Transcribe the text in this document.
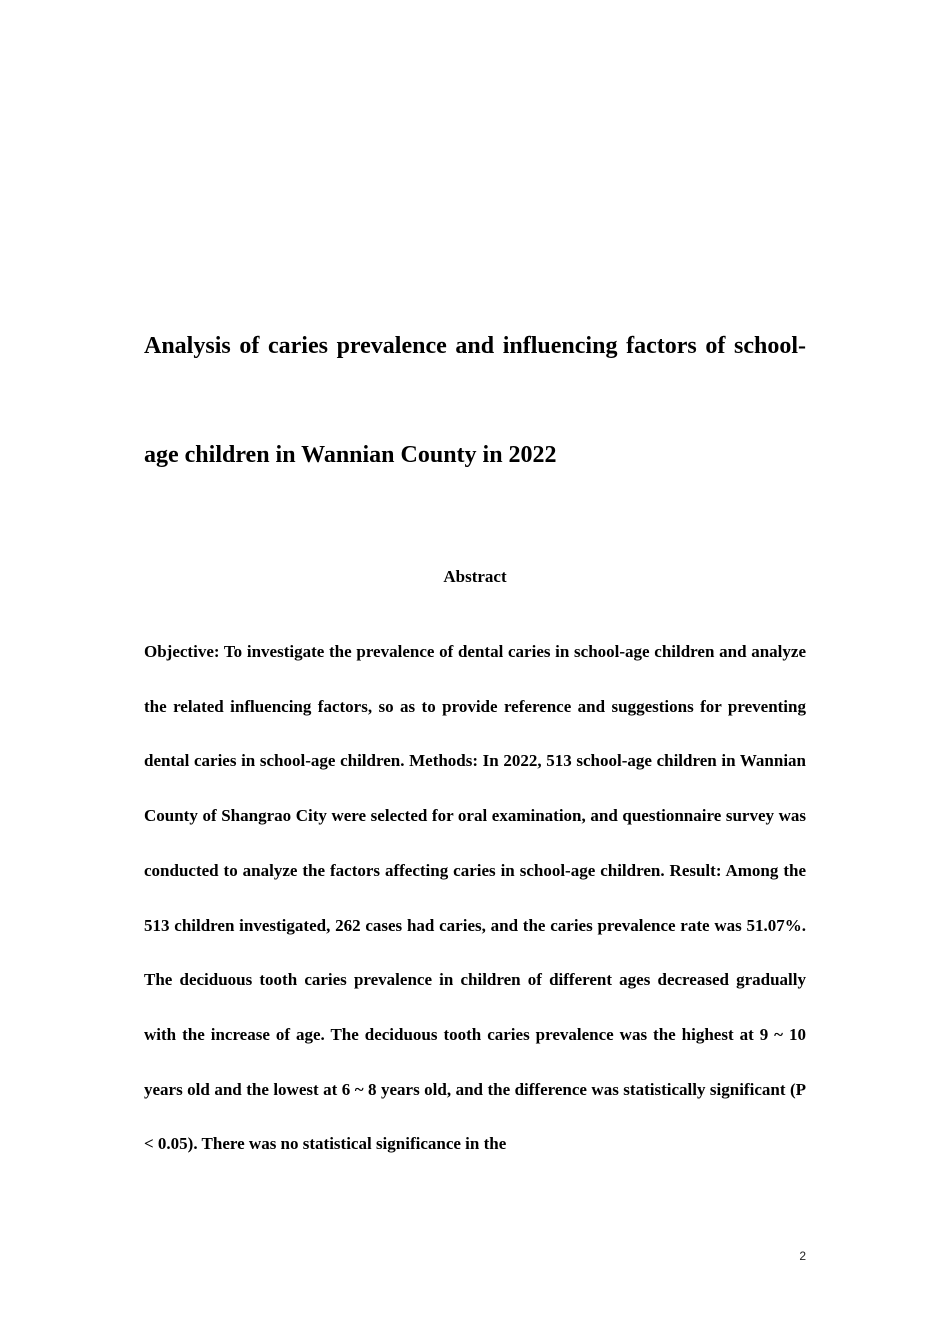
Analysis of caries prevalence and influencing factors of school-age children in Wannian County in 2022
Abstract

Objective: To investigate the prevalence of dental caries in school-age children and analyze the related influencing factors, so as to provide reference and suggestions for preventing dental caries in school-age children. Methods: In 2022, 513 school-age children in Wannian County of Shangrao City were selected for oral examination, and questionnaire survey was conducted to analyze the factors affecting caries in school-age children. Result: Among the 513 children investigated, 262 cases had caries, and the caries prevalence rate was 51.07%. The deciduous tooth caries prevalence in children of different ages decreased gradually with the increase of age. The deciduous tooth caries prevalence was the highest at 9 ~ 10 years old and the lowest at 6 ~ 8 years old, and the difference was statistically significant (P < 0.05). There was no statistical significance in the

2
